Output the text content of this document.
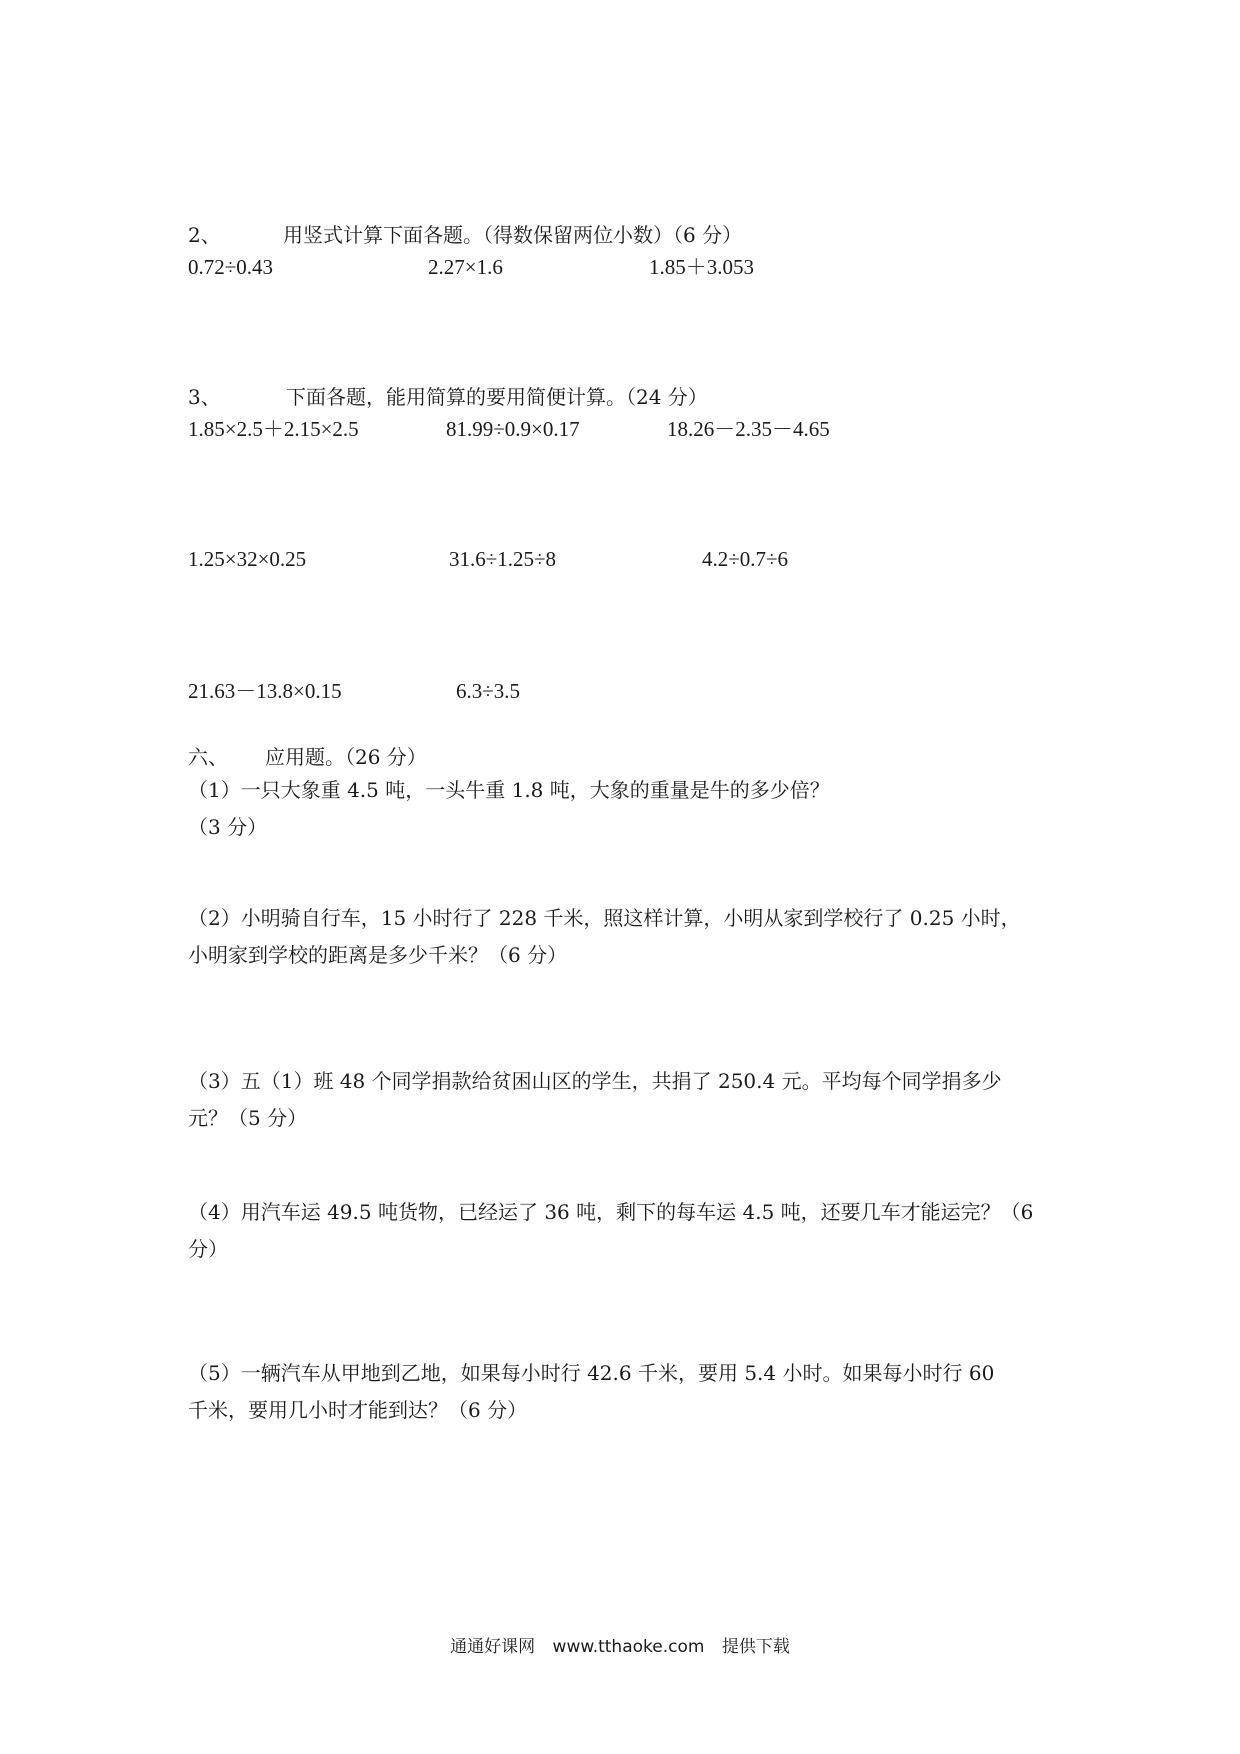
2、	用竖式计算下面各题。（得数保留两位小数）（6 分）
0.72÷0.43	2.27×1.6	1.85＋3.053
3、	下面各题，能用简算的要用简便计算。（24 分）
1.85×2.5＋2.15×2.5	81.99÷0.9×0.17	18.26－2.35－4.65
1.25×32×0.25	31.6÷1.25÷8	4.2÷0.7÷6
21.63－13.8×0.15	6.3÷3.5
六、 应用题。（26 分）
（1）一只大象重 4.5 吨，一头牛重 1.8 吨，大象的重量是牛的多少倍？
（3 分）
（2）小明骑自行车，15 小时行了 228 千米，照这样计算，小明从家到学校行了 0.25 小时，
小明家到学校的距离是多少千米？（6 分）
（3）五（1）班 48 个同学捐款给贫困山区的学生，共捐了 250.4 元。平均每个同学捐多少
元？（5 分）
（4）用汽车运 49.5 吨货物，已经运了 36 吨，剩下的每车运 4.5 吨，还要几车才能运完？（6
分）
（5）一辆汽车从甲地到乙地，如果每小时行 42.6 千米，要用 5.4 小时。如果每小时行 60
千米，要用几小时才能到达？（6 分）
通通好课网 www.tthaoke.com 提供下载
